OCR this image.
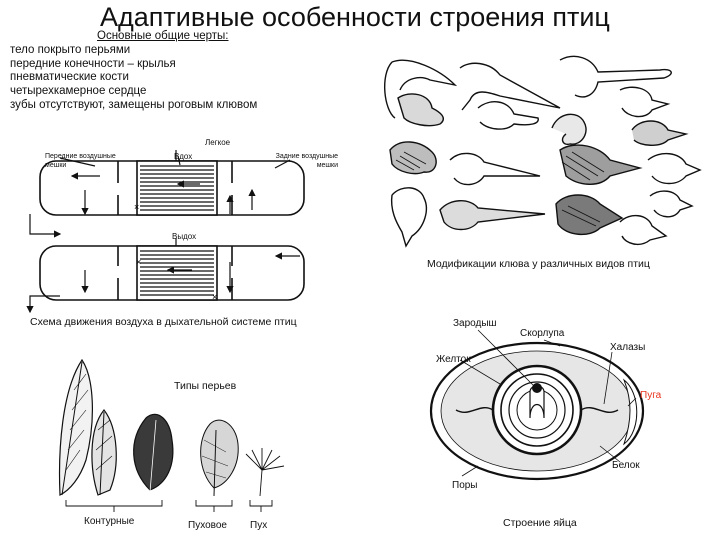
Адаптивные особенности строения птиц
Основные общие черты:
тело покрыто перьями
передние конечности – крылья
пневматические кости
четырехкамерное сердце
зубы отсутствуют, замещены роговым клювом
×
×
×
Легкое
Передние воздушные мешки
Вдох	Задние воздушные мешки
Выдох
Схема движения воздуха в дыхательной системе птиц
Модификации клюва у различных видов птиц
Типы перьев
Контурные	Пуховое Пух
Зародыш
Скорлупа
Халазы
Желток
Пуга
Белок
Поры
Строение яйца
